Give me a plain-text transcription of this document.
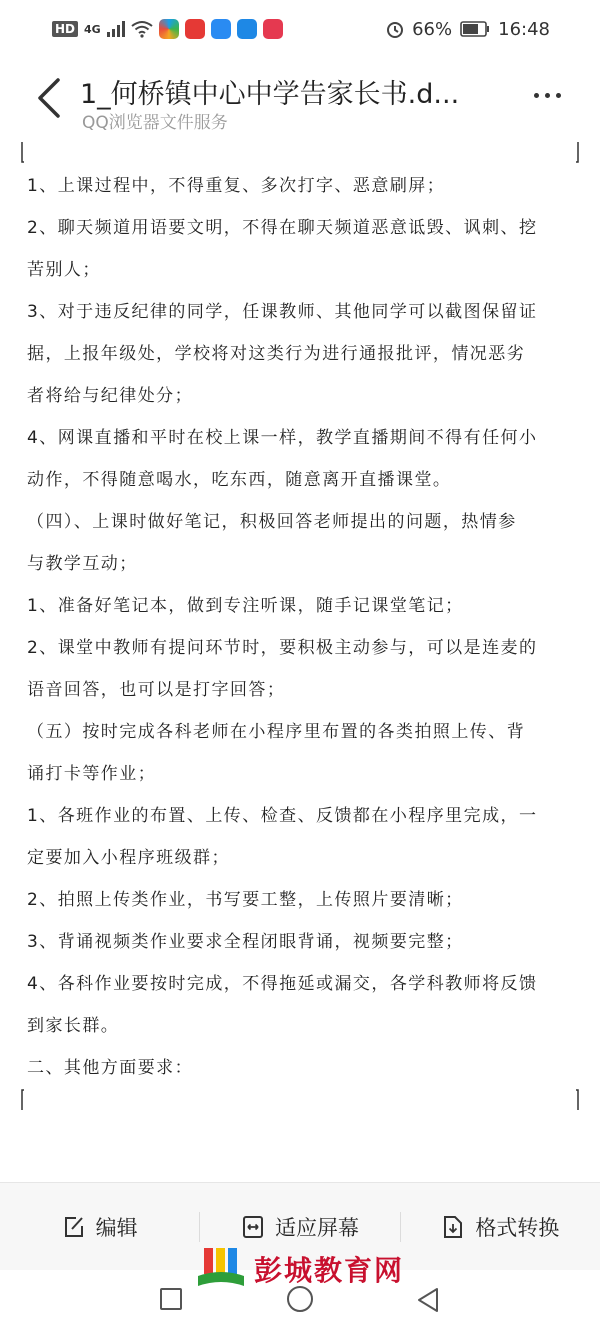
HD 4G	66%	16:48
1_何桥镇中心中学告家长书.d...
QQ浏览器文件服务
1、上课过程中，不得重复、多次打字、恶意刷屏；
2、聊天频道用语要文明，不得在聊天频道恶意诋毁、讽刺、挖
苦别人；
3、对于违反纪律的同学，任课教师、其他同学可以截图保留证
据，上报年级处，学校将对这类行为进行通报批评，情况恶劣
者将给与纪律处分；
4、网课直播和平时在校上课一样，教学直播期间不得有任何小
动作，不得随意喝水，吃东西，随意离开直播课堂。
（四）、上课时做好笔记，积极回答老师提出的问题，热情参
与教学互动；
1、准备好笔记本，做到专注听课，随手记课堂笔记；
2、课堂中教师有提问环节时，要积极主动参与，可以是连麦的
语音回答，也可以是打字回答；
（五）按时完成各科老师在小程序里布置的各类拍照上传、背
诵打卡等作业；
1、各班作业的布置、上传、检查、反馈都在小程序里完成，一
定要加入小程序班级群；
2、拍照上传类作业，书写要工整，上传照片要清晰；
3、背诵视频类作业要求全程闭眼背诵，视频要完整；
4、各科作业要按时完成，不得拖延或漏交，各学科教师将反馈
到家长群。
二、其他方面要求：
编辑	适应屏幕	格式转换
彭城教育网
